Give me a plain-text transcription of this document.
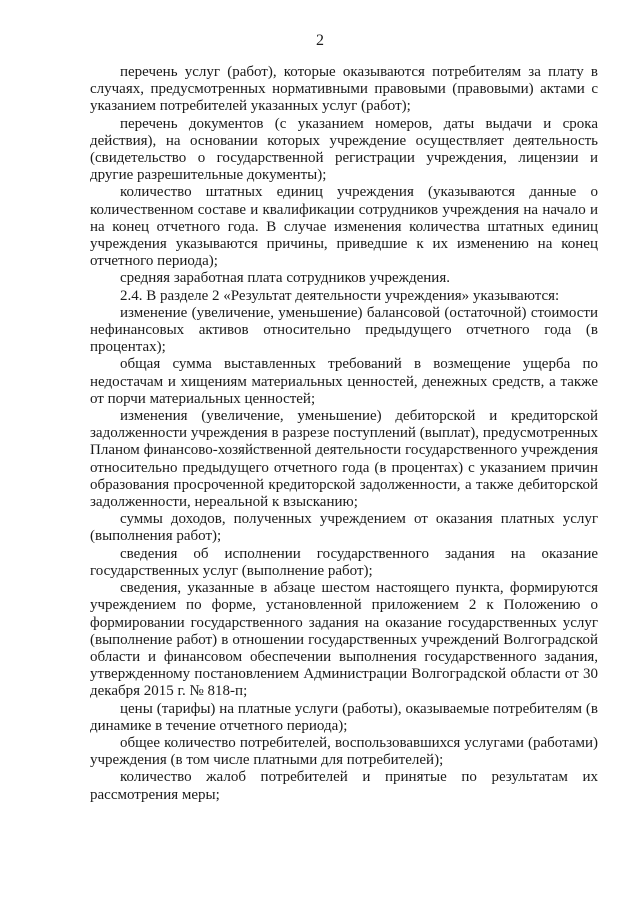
2

перечень услуг (работ), которые оказываются потребителям за плату в случаях, предусмотренных нормативными правовыми (правовыми) актами с указанием потребителей указанных услуг (работ);

перечень документов (с указанием номеров, даты выдачи и срока действия), на основании которых учреждение осуществляет деятельность (свидетельство о государственной регистрации учреждения, лицензии и другие разрешительные документы);

количество штатных единиц учреждения (указываются данные о количественном составе и квалификации сотрудников учреждения на начало и на конец отчетного года. В случае изменения количества штатных единиц учреждения указываются причины, приведшие к их изменению на конец отчетного периода);

средняя заработная плата сотрудников учреждения.

2.4. В разделе 2 «Результат деятельности учреждения» указываются:

изменение (увеличение, уменьшение) балансовой (остаточной) стоимости нефинансовых активов относительно предыдущего отчетного года (в процентах);

общая сумма выставленных требований в возмещение ущерба по недостачам и хищениям материальных ценностей, денежных средств, а также от порчи материальных ценностей;

изменения (увеличение, уменьшение) дебиторской и кредиторской задолженности учреждения в разрезе поступлений (выплат), предусмотренных Планом финансово-хозяйственной деятельности государственного учреждения относительно предыдущего отчетного года (в процентах) с указанием причин образования просроченной кредиторской задолженности, а также дебиторской задолженности, нереальной к взысканию;

суммы доходов, полученных учреждением от оказания платных услуг (выполнения работ);

сведения об исполнении государственного задания на оказание государственных услуг (выполнение работ);

сведения, указанные в абзаце шестом настоящего пункта, формируются учреждением по форме, установленной приложением 2 к Положению о формировании государственного задания на оказание государственных услуг (выполнение работ) в отношении государственных учреждений Волгоградской области и финансовом обеспечении выполнения государственного задания, утвержденному постановлением Администрации Волгоградской области от 30 декабря 2015 г. № 818-п;

цены (тарифы) на платные услуги (работы), оказываемые потребителям (в динамике в течение отчетного периода);

общее количество потребителей, воспользовавшихся услугами (работами) учреждения (в том числе платными для потребителей);

количество жалоб потребителей и принятые по результатам их рассмотрения меры;
